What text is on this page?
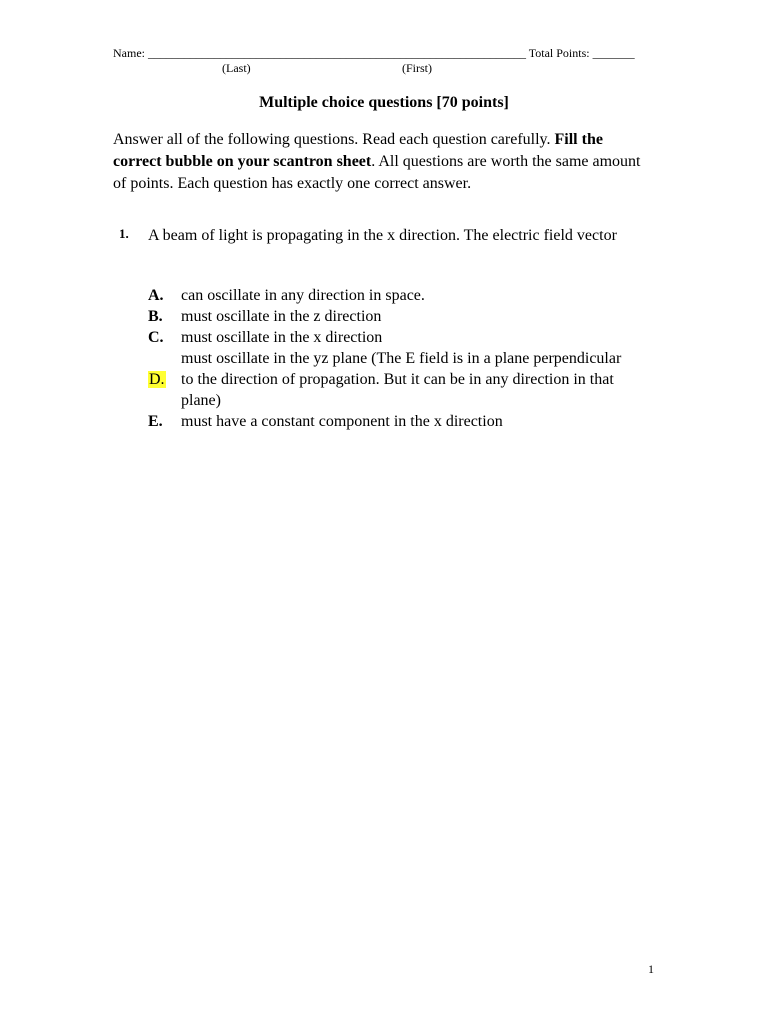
Name: _______________________________________________________________ Total Points: _______
(Last)	(First)
Multiple choice questions [70 points]
Answer all of the following questions. Read each question carefully. Fill the correct bubble on your scantron sheet. All questions are worth the same amount of points. Each question has exactly one correct answer.
1. A beam of light is propagating in the x direction. The electric field vector
A. can oscillate in any direction in space.
B. must oscillate in the z direction
C. must oscillate in the x direction
D.
must oscillate in the yz plane (The E field is in a plane perpendicular to the direction of propagation. But it can be in any direction in that plane)
E. must have a constant component in the x direction
1
